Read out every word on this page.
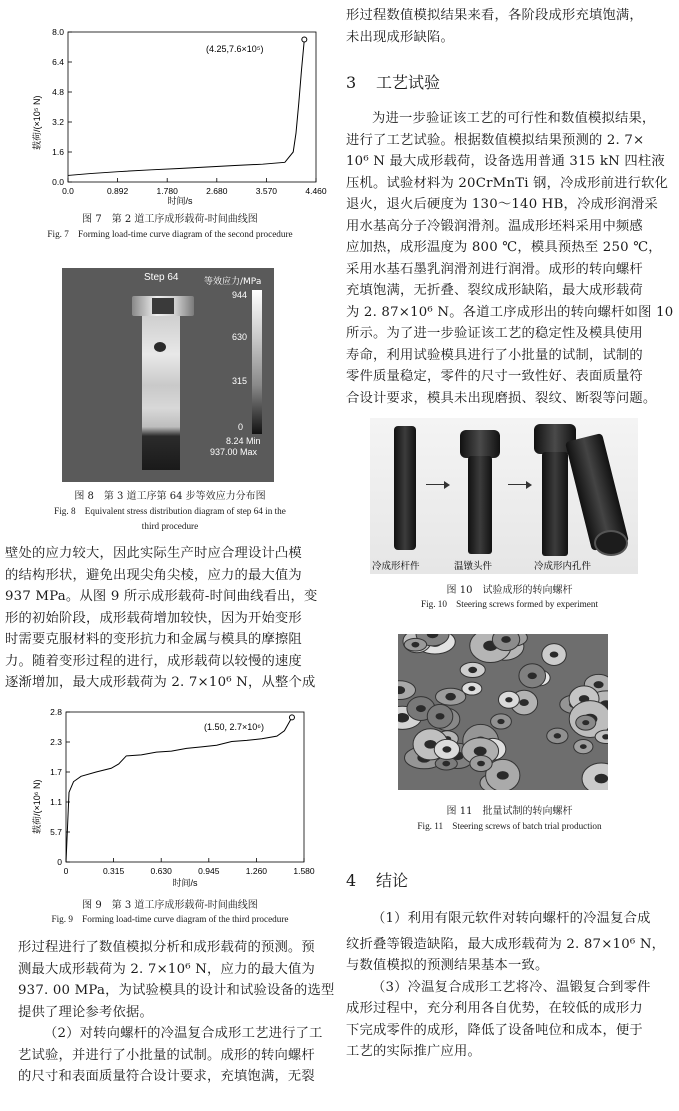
0.0	0.892	1.780	2.680	3.570	4.460
0.0
1.6
3.2
4.8
6.4
8.0
载荷/(×10⁵ N)
时间/s
(4.25,7.6×10⁵)
图 7　第 2 道工序成形载荷-时间曲线图
Fig. 7　Forming load-time curve diagram of the second procedure
Step 64	等效应力/MPa
944
630
315
0
8.24 Min
937.00 Max
图 8　第 3 道工序第 64 步等效应力分布图
Fig. 8　Equivalent stress distribution diagram of step 64 in the
third procedure
壁处的应力较大，因此实际生产时应合理设计凸模
的结构形状，避免出现尖角尖棱，应力的最大值为
937 MPa。从图 9 所示成形载荷-时间曲线看出，变
形的初始阶段，成形载荷增加较快，因为开始变形
时需要克服材料的变形抗力和金属与模具的摩擦阻
力。随着变形过程的进行，成形载荷以较慢的速度
逐渐增加，最大成形载荷为 2. 7×10⁶ N，从整个成
0	0.315	0.630	0.945	1.260	1.580
0
5.7
1.1
1.7
2.3
2.8
载荷/(×10⁶ N)
时间/s
(1.50, 2.7×10⁶)
图 9　第 3 道工序成形载荷-时间曲线图
Fig. 9　Forming load-time curve diagram of the third procedure
形过程进行了数值模拟分析和成形载荷的预测。预
测最大成形载荷为 2. 7×10⁶ N，应力的最大值为
937. 00 MPa，为试验模具的设计和试验设备的选型
提供了理论参考依据。
（2）对转向螺杆的冷温复合成形工艺进行了工
艺试验，并进行了小批量的试制。成形的转向螺杆
的尺寸和表面质量符合设计要求，充填饱满，无裂
形过程数值模拟结果来看，各阶段成形充填饱满，
未出现成形缺陷。
3 工艺试验
为进一步验证该工艺的可行性和数值模拟结果，
进行了工艺试验。根据数值模拟结果预测的 2. 7×
10⁶ N 最大成形载荷，设备选用普通 315 kN 四柱液
压机。试验材料为 20CrMnTi 钢，冷成形前进行软化
退火，退火后硬度为 130～140 HB，冷成形润滑采
用水基高分子冷锻润滑剂。温成形坯料采用中频感
应加热，成形温度为 800 ℃，模具预热至 250 ℃，
采用水基石墨乳润滑剂进行润滑。成形的转向螺杆
充填饱满，无折叠、裂纹成形缺陷，最大成形载荷
为 2. 87×10⁶ N。各道工序成形出的转向螺杆如图 10
所示。为了进一步验证该工艺的稳定性及模具使用
寿命，利用试验模具进行了小批量的试制，试制的
零件质量稳定，零件的尺寸一致性好、表面质量符
合设计要求，模具未出现磨损、裂纹、断裂等问题。
冷成形杆件	温镦头件	冷成形内孔件
图 10　试验成形的转向螺杆
Fig. 10　Steering screws formed by experiment
图 11　批量试制的转向螺杆
Fig. 11　Steering screws of batch trial production
4 结论
（1）利用有限元软件对转向螺杆的冷温复合成
纹折叠等锻造缺陷，最大成形载荷为 2. 87×10⁶ N，
与数值模拟的预测结果基本一致。
（3）冷温复合成形工艺将冷、温锻复合到零件
成形过程中，充分利用各自优势，在较低的成形力
下完成零件的成形，降低了设备吨位和成本，便于
工艺的实际推广应用。
